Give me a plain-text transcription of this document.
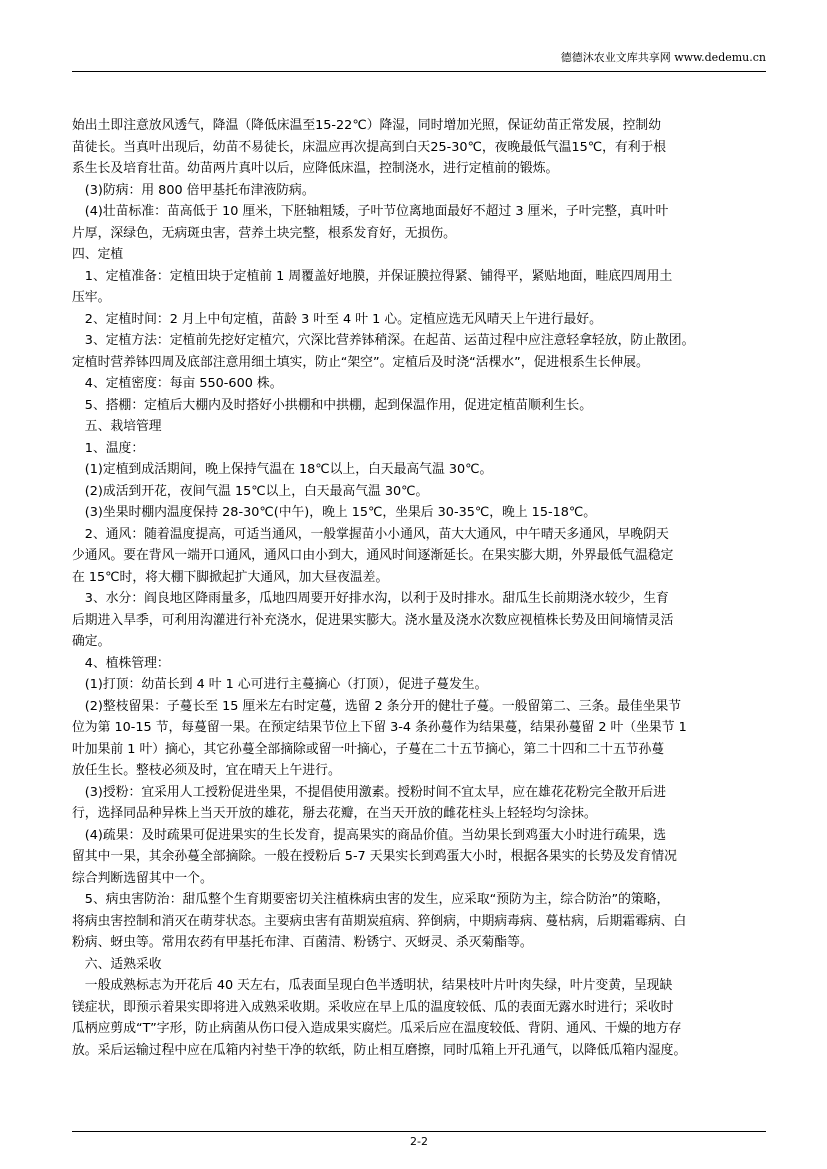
德德沐农业文库共享网 www.dedemu.cn
始出土即注意放风透气，降温（降低床温至15-22℃）降湿，同时增加光照，保证幼苗正常发展，控制幼
苗徒长。当真叶出现后，幼苗不易徒长，床温应再次提高到白天25-30℃，夜晚最低气温15℃，有利于根
系生长及培育壮苗。幼苗两片真叶以后，应降低床温，控制浇水，进行定植前的锻炼。
　(3)防病：用 800 倍甲基托布津液防病。
　(4)壮苗标准：苗高低于 10 厘米，下胚轴粗矮，子叶节位离地面最好不超过 3 厘米，子叶完整，真叶叶
片厚，深绿色，无病斑虫害，营养土块完整，根系发育好，无损伤。
四、定植
　1、定植准备：定植田块于定植前 1 周覆盖好地膜，并保证膜拉得紧、铺得平，紧贴地面，畦底四周用土
压牢。
　2、定植时间：2 月上中旬定植，苗龄 3 叶至 4 叶 1 心。定植应选无风晴天上午进行最好。
　3、定植方法：定植前先挖好定植穴，穴深比营养钵稍深。在起苗、运苗过程中应注意轻拿轻放，防止散团。
定植时营养钵四周及底部注意用细土填实，防止“架空”。定植后及时浇“活棵水”，促进根系生长伸展。
　4、定植密度：每亩 550-600 株。
　5、搭棚：定植后大棚内及时搭好小拱棚和中拱棚，起到保温作用，促进定植苗顺利生长。
　五、栽培管理
　1、温度：
　(1)定植到成活期间，晚上保持气温在 18℃以上，白天最高气温 30℃。
　(2)成活到开花，夜间气温 15℃以上，白天最高气温 30℃。
　(3)坐果时棚内温度保持 28-30℃(中午)，晚上 15℃，坐果后 30-35℃，晚上 15-18℃。
　2、通风：随着温度提高，可适当通风，一般掌握苗小小通风，苗大大通风，中午晴天多通风，早晚阴天
少通风。要在背风一端开口通风，通风口由小到大，通风时间逐渐延长。在果实膨大期，外界最低气温稳定
在 15℃时，将大棚下脚掀起扩大通风，加大昼夜温差。
　3、水分：阎良地区降雨量多，瓜地四周要开好排水沟，以利于及时排水。甜瓜生长前期浇水较少，生育
后期进入旱季，可利用沟灌进行补充浇水，促进果实膨大。浇水量及浇水次数应视植株长势及田间墒情灵活
确定。
　4、植株管理：
　(1)打顶：幼苗长到 4 叶 1 心可进行主蔓摘心（打顶），促进子蔓发生。
　(2)整枝留果：子蔓长至 15 厘米左右时定蔓，选留 2 条分开的健壮子蔓。一般留第二、三条。最佳坐果节
位为第 10-15 节，每蔓留一果。在预定结果节位上下留 3-4 条孙蔓作为结果蔓，结果孙蔓留 2 叶（坐果节 1
叶加果前 1 叶）摘心，其它孙蔓全部摘除或留一叶摘心，子蔓在二十五节摘心，第二十四和二十五节孙蔓
放任生长。整枝必须及时，宜在晴天上午进行。
　(3)授粉：宜采用人工授粉促进坐果，不提倡使用激素。授粉时间不宜太早，应在雄花花粉完全散开后进
行，选择同品种异株上当天开放的雄花，掰去花瓣，在当天开放的雌花柱头上轻轻均匀涂抹。
　(4)疏果：及时疏果可促进果实的生长发育，提高果实的商品价值。当幼果长到鸡蛋大小时进行疏果，选
留其中一果，其余孙蔓全部摘除。一般在授粉后 5-7 天果实长到鸡蛋大小时，根据各果实的长势及发育情况
综合判断选留其中一个。
　5、病虫害防治：甜瓜整个生育期要密切关注植株病虫害的发生，应采取“预防为主，综合防治”的策略，
将病虫害控制和消灭在萌芽状态。主要病虫害有苗期炭疽病、猝倒病，中期病毒病、蔓枯病，后期霜霉病、白
粉病、蚜虫等。常用农药有甲基托布津、百菌清、粉锈宁、灭蚜灵、杀灭菊酯等。
　六、适熟采收
　一般成熟标志为开花后 40 天左右，瓜表面呈现白色半透明状，结果枝叶片叶肉失绿，叶片变黄，呈现缺
镁症状，即预示着果实即将进入成熟采收期。采收应在早上瓜的温度较低、瓜的表面无露水时进行；采收时
瓜柄应剪成“T”字形，防止病菌从伤口侵入造成果实腐烂。瓜采后应在温度较低、背阴、通风、干燥的地方存
放。采后运输过程中应在瓜箱内衬垫干净的软纸，防止相互磨擦，同时瓜箱上开孔通气，以降低瓜箱内湿度。
2-2
